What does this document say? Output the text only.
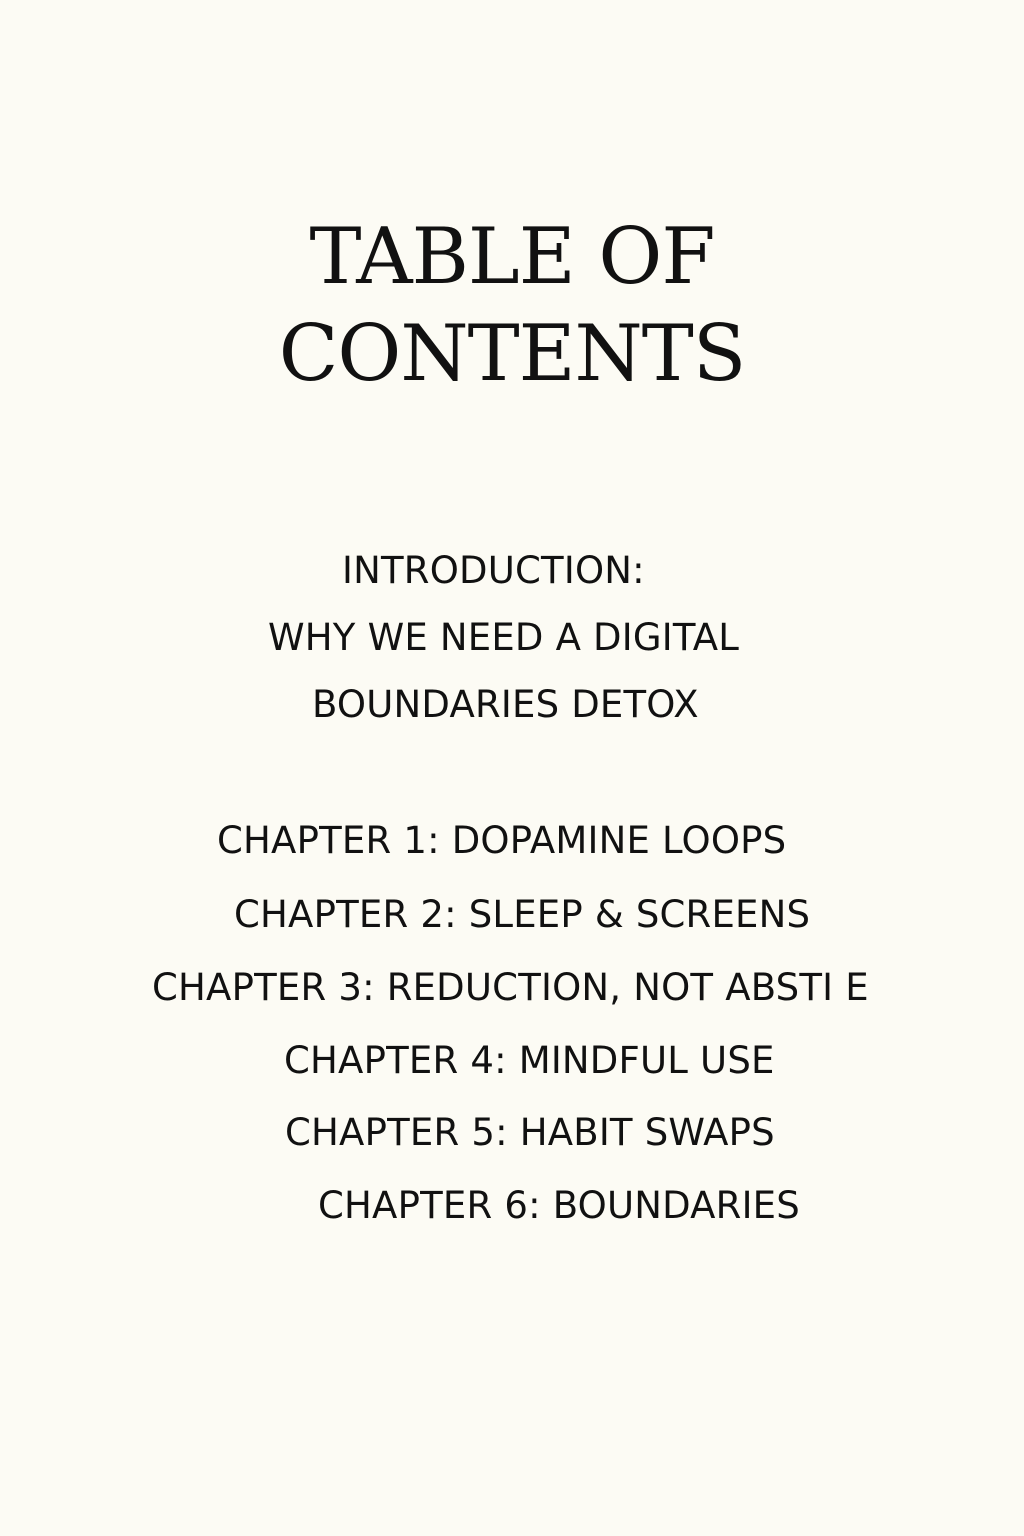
TABLE OF
CONTENTS
INTRODUCTION:
WHY WE NEED A DIGITAL
BOUNDARIES DETOX
CHAPTER 1: DOPAMINE LOOPS
CHAPTER 2: SLEEP & SCREENS
CHAPTER 3: REDUCTION, NOT ABSTI E
CHAPTER 4: MINDFUL USE
CHAPTER 5: HABIT SWAPS
CHAPTER 6: BOUNDARIES
